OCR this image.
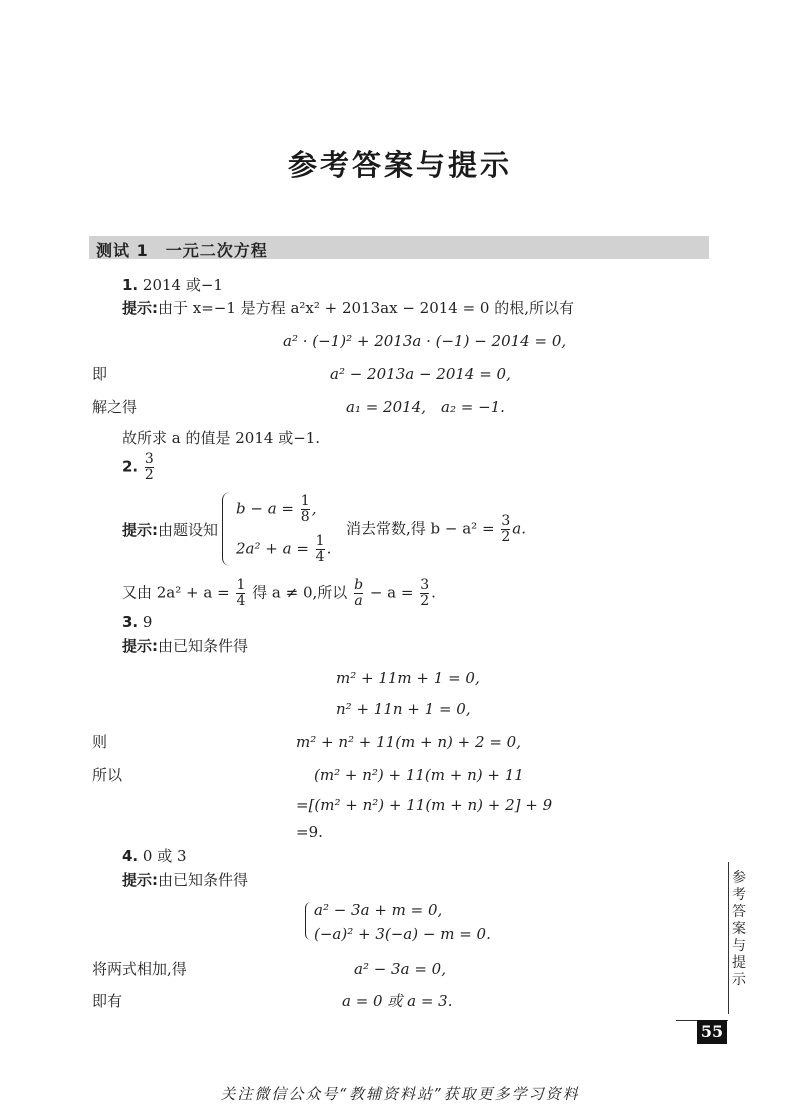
参考答案与提示
测试 1　一元二次方程
1. 2014 或−1
提示:由于 x=−1 是方程 a²x² + 2013ax − 2014 = 0 的根,所以有
a² · (−1)² + 2013a · (−1) − 2014 = 0,
即	a² − 2013a − 2014 = 0,
解之得	a₁ = 2014,　a₂ = −1.
故所求 a 的值是 2014 或−1.
2. $\frac{3}{2}$
提示:由题设知
$b - a = \frac{1}{8}$ ,
$2a^2 + a = \frac{1}{4}$ .
消去常数,得 $b - a^2 = \frac{3}{2} a$.
又由 $2a^2 + a = \frac{1}{4}$ 得 a ≠ 0,所以 $\frac{b}{a} - a = \frac{3}{2}$ .
3. 9
提示:由已知条件得
m² + 11m + 1 = 0,
n² + 11n + 1 = 0,
则	m² + n² + 11(m + n) + 2 = 0,
所以	(m² + n²) + 11(m + n) + 11
=[(m² + n²) + 11(m + n) + 2] + 9
=9.
4. 0 或 3
提示:由已知条件得
a² − 3a + m = 0,
(−a)² + 3(−a) − m = 0.
将两式相加,得	a² − 3a = 0,
即有	a = 0 或 a = 3.
参考答案与提示
55
关注微信公众号“教辅资料站”获取更多学习资料
